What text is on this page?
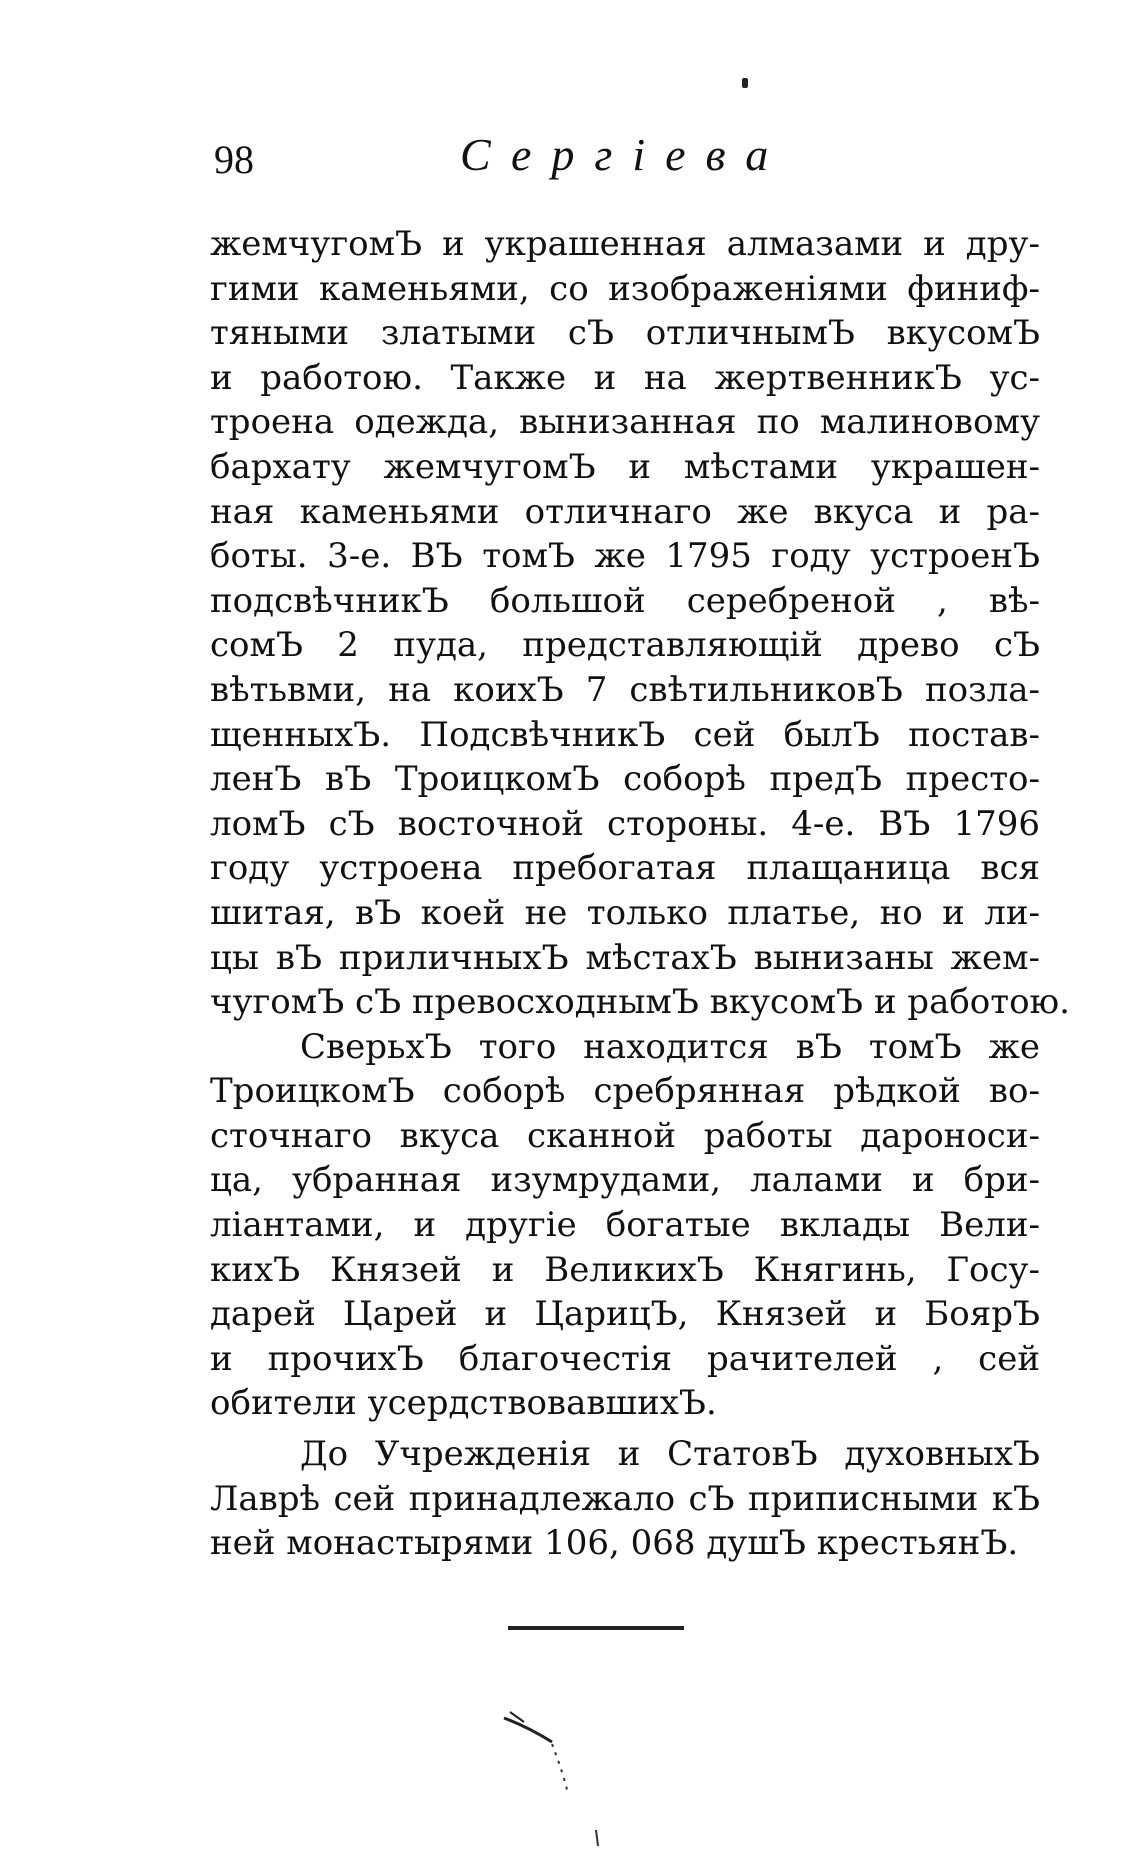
98	Сергiева
жемчугомЪ и украшенная алмазами и дру-
гими каменьями, со изображенiями финиф-
тяными златыми сЪ отличнымЪ вкусомЪ
и работою. Также и на жертвенникЪ ус-
троена одежда, вынизанная по малиновому
бархату жемчугомЪ и мѣстами украшен-
ная каменьями отличнаго же вкуса и ра-
боты. 3-е. ВЪ томЪ же 1795 году устроенЪ
подсвѣчникЪ большой серебреной , вѣ-
сомЪ 2 пуда, представляющiй древо сЪ
вѣтьвми, на коихЪ 7 свѣтильниковЪ позла-
щенныхЪ. ПодсвѣчникЪ сей былЪ постав-
ленЪ вЪ ТроицкомЪ соборѣ предЪ престо-
ломЪ сЪ восточной стороны. 4-е. ВЪ 1796
году устроена пребогатая плащаница вся
шитая, вЪ коей не только платье, но и ли-
цы вЪ приличныхЪ мѣстахЪ вынизаны жем-
чугомЪ сЪ превосходнымЪ вкусомЪ и работою.
СверьхЪ того находится вЪ томЪ же
ТроицкомЪ соборѣ сребрянная рѣдкой во-
сточнаго вкуса сканной работы дароноси-
ца, убранная изумрудами, лалами и бри-
лiантами, и другiе богатые вклады Вели-
кихЪ Князей и ВеликихЪ Княгинь, Госу-
дарей Царей и ЦарицЪ, Князей и БоярЪ
и прочихЪ благочестiя рачителей , сей
обители усердствовавшихЪ.
До Учрежденiя и СтатовЪ духовныхЪ
Лаврѣ сей принадлежало сЪ приписными кЪ
ней монастырями 106, 068 душЪ крестьянЪ.
